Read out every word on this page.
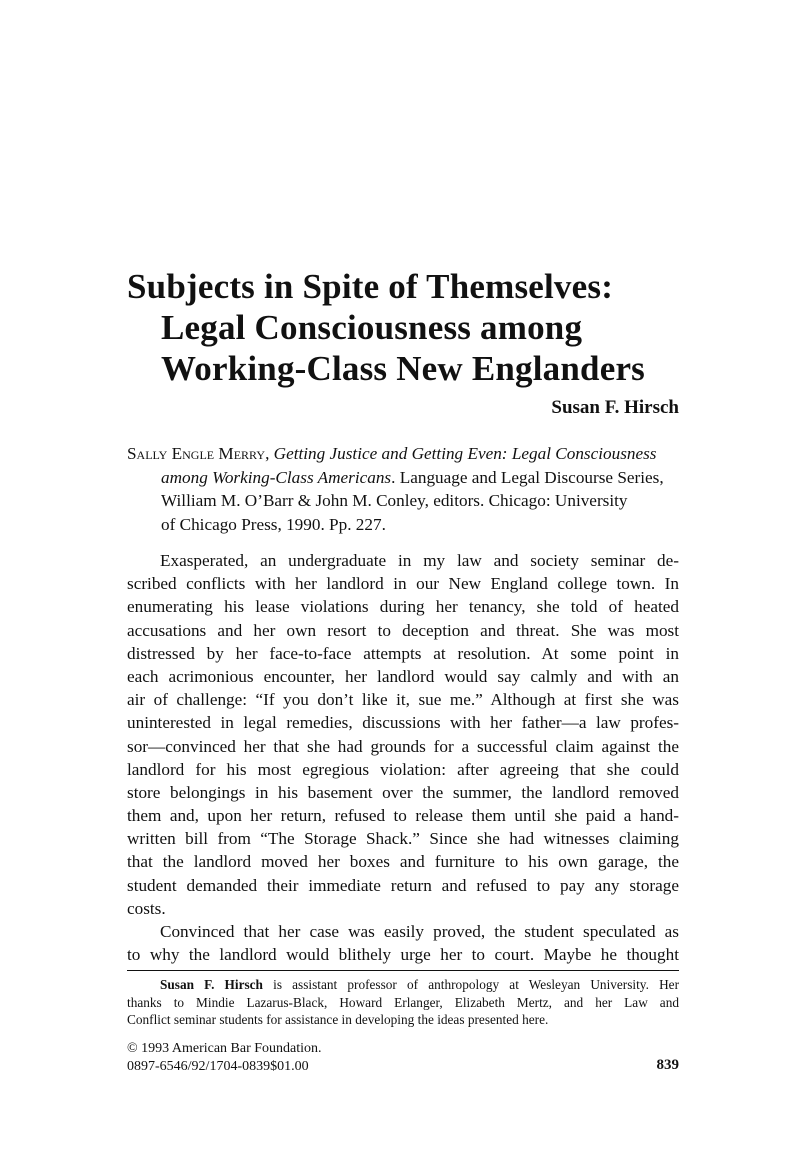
Subjects in Spite of Themselves:
Legal Consciousness among
Working-Class New Englanders
Susan F. Hirsch
Sally Engle Merry, Getting Justice and Getting Even: Legal Consciousness
among Working-Class Americans. Language and Legal Discourse Series,
William M. O’Barr & John M. Conley, editors. Chicago: University
of Chicago Press, 1990. Pp. 227.
Exasperated, an undergraduate in my law and society seminar de-
scribed conflicts with her landlord in our New England college town. In
enumerating his lease violations during her tenancy, she told of heated
accusations and her own resort to deception and threat. She was most
distressed by her face-to-face attempts at resolution. At some point in
each acrimonious encounter, her landlord would say calmly and with an
air of challenge: “If you don’t like it, sue me.” Although at first she was
uninterested in legal remedies, discussions with her father—a law profes-
sor—convinced her that she had grounds for a successful claim against the
landlord for his most egregious violation: after agreeing that she could
store belongings in his basement over the summer, the landlord removed
them and, upon her return, refused to release them until she paid a hand-
written bill from “The Storage Shack.” Since she had witnesses claiming
that the landlord moved her boxes and furniture to his own garage, the
student demanded their immediate return and refused to pay any storage
costs.
Convinced that her case was easily proved, the student speculated as
to why the landlord would blithely urge her to court. Maybe he thought
Susan F. Hirsch is assistant professor of anthropology at Wesleyan University. Her
thanks to Mindie Lazarus-Black, Howard Erlanger, Elizabeth Mertz, and her Law and
Conflict seminar students for assistance in developing the ideas presented here.
© 1993 American Bar Foundation.
0897-6546/92/1704-0839$01.00	839
